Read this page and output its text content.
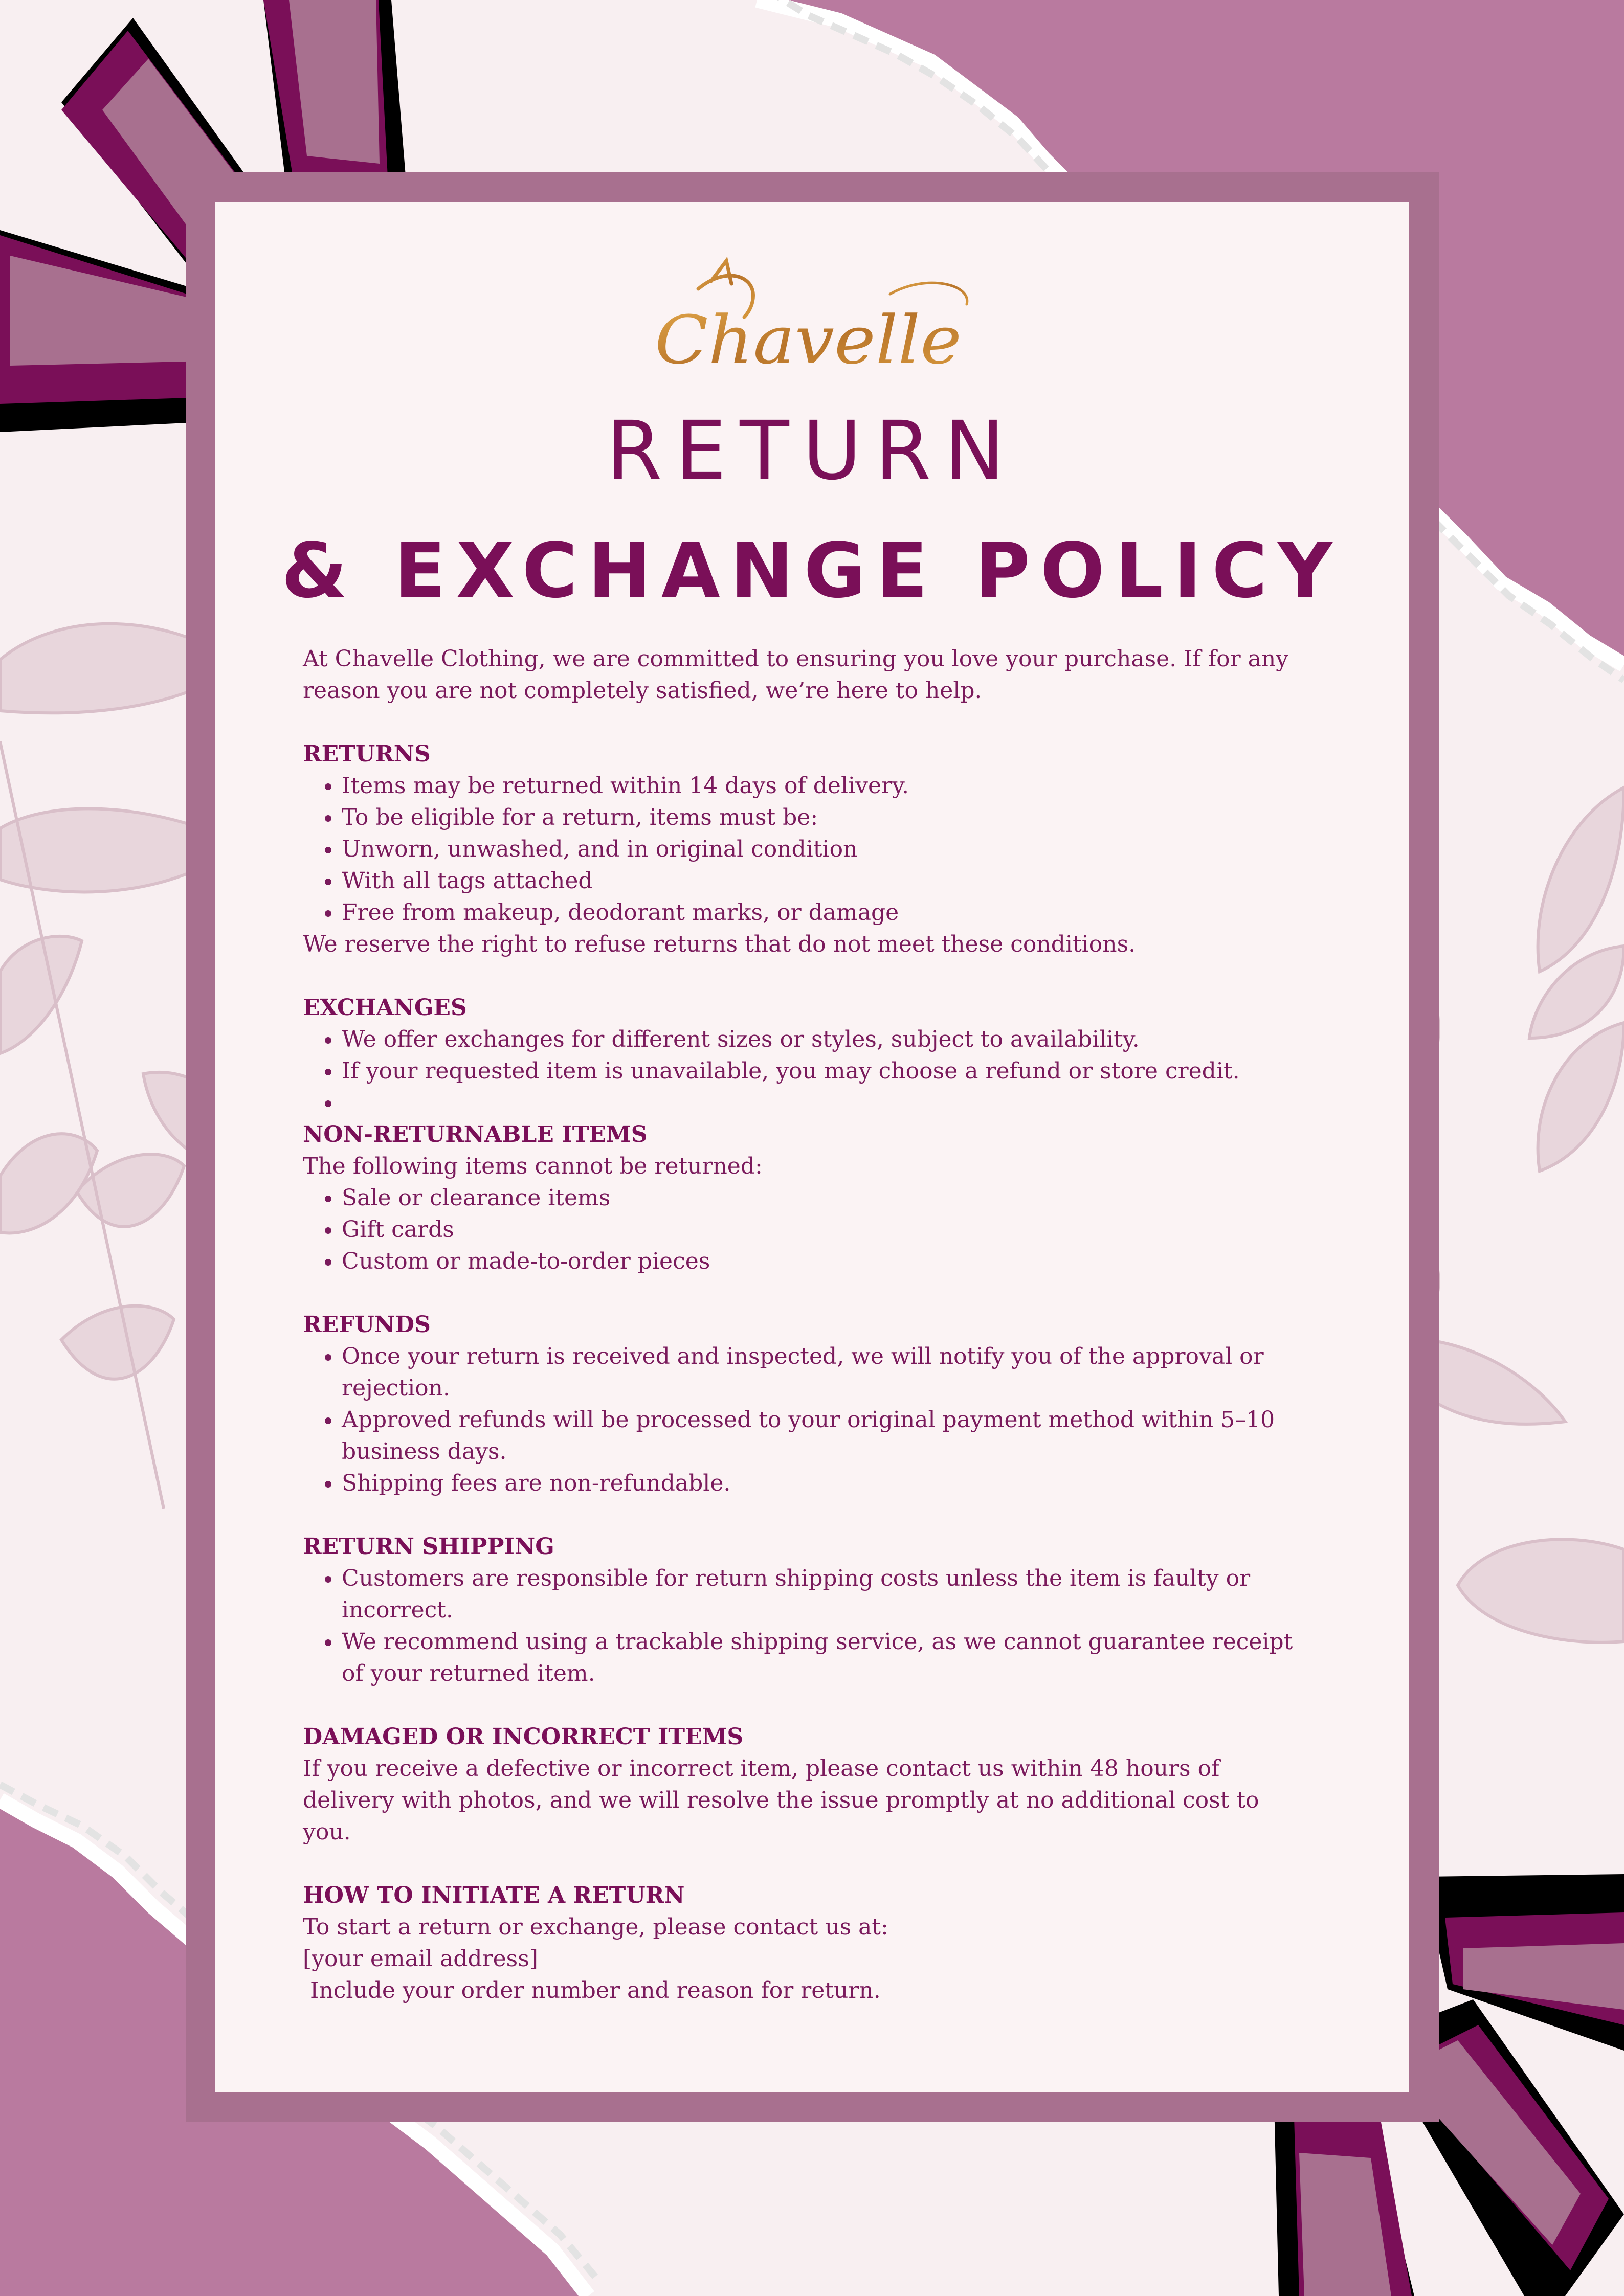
Chavelle
RETURN
& EXCHANGE POLICY

At Chavelle Clothing, we are committed to ensuring you love your purchase. If for any reason you are not completely satisfied, we’re here to help.

RETURNS
• Items may be returned within 14 days of delivery.
• To be eligible for a return, items must be:
• Unworn, unwashed, and in original condition
• With all tags attached
• Free from makeup, deodorant marks, or damage

We reserve the right to refuse returns that do not meet these conditions.

EXCHANGES
• We offer exchanges for different sizes or styles, subject to availability.
• If your requested item is unavailable, you may choose a refund or store credit.
•
NON-RETURNABLE ITEMS

The following items cannot be returned:

• Sale or clearance items
• Gift cards
• Custom or made-to-order pieces
REFUNDS
• Once your return is received and inspected, we will notify you of the approval or rejection.
• Approved refunds will be processed to your original payment method within 5–10 business days.
• Shipping fees are non-refundable.
RETURN SHIPPING
• Customers are responsible for return shipping costs unless the item is faulty or incorrect.
• We recommend using a trackable shipping service, as we cannot guarantee receipt of your returned item.
DAMAGED OR INCORRECT ITEMS

If you receive a defective or incorrect item, please contact us within 48 hours of delivery with photos, and we will resolve the issue promptly at no additional cost to you.

HOW TO INITIATE A RETURN

To start a return or exchange, please contact us at:

[your email address]

Include your order number and reason for return.
